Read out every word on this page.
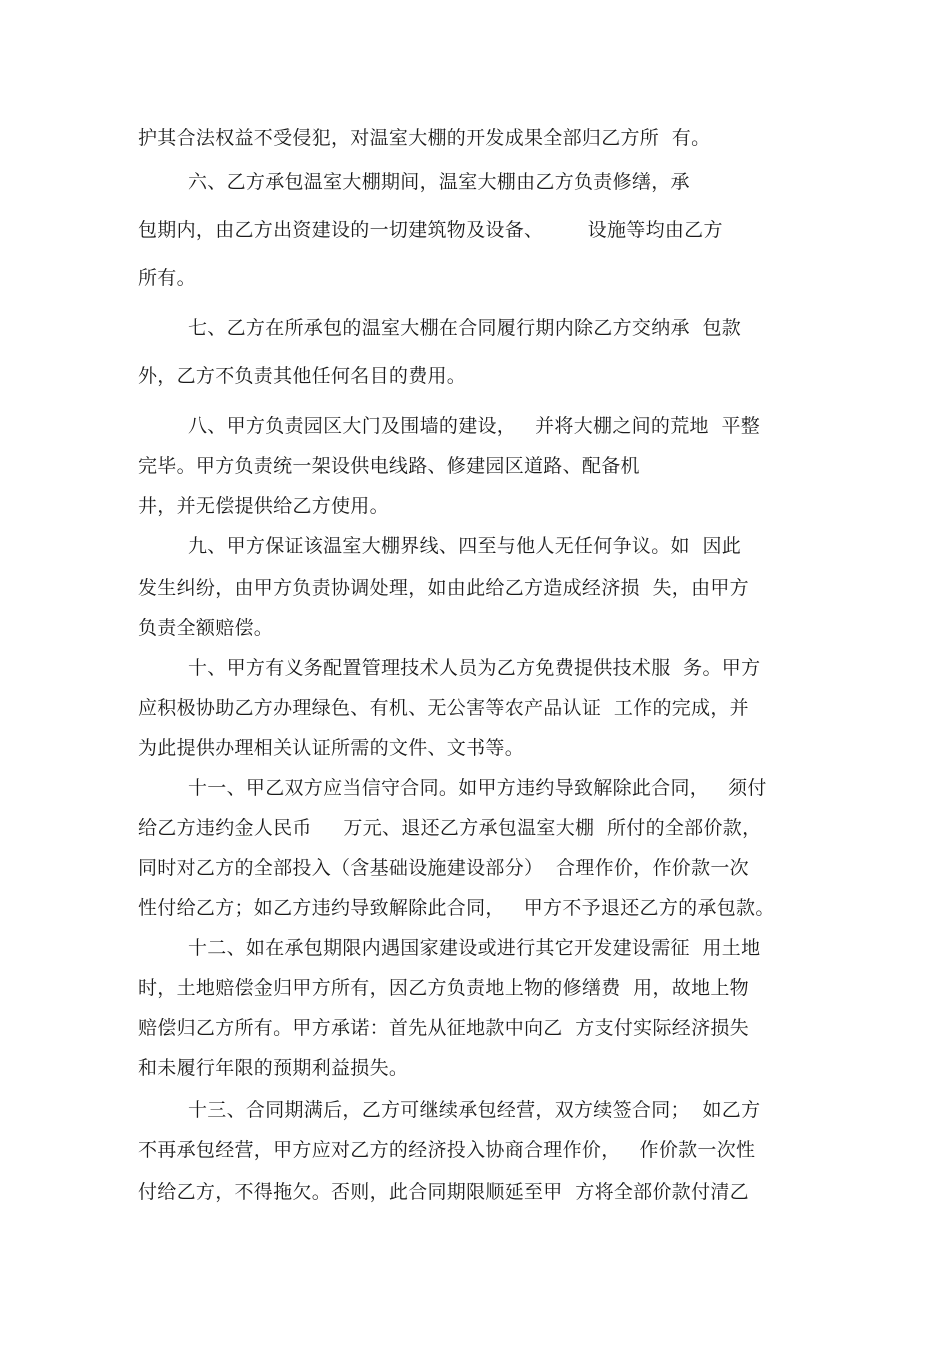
护其合法权益不受侵犯，对温室大棚的开发成果全部归乙方所  有。
六、乙方承包温室大棚期间，温室大棚由乙方负责修缮，承
包期内，由乙方出资建设的一切建筑物及设备、       设施等均由乙方
所有。
七、乙方在所承包的温室大棚在合同履行期内除乙方交纳承  包款
外，乙方不负责其他任何名目的费用。
八、甲方负责园区大门及围墙的建设，   并将大棚之间的荒地  平整
完毕。甲方负责统一架设供电线路、修建园区道路、配备机
井，并无偿提供给乙方使用。
九、甲方保证该温室大棚界线、四至与他人无任何争议。如  因此
发生纠纷，由甲方负责协调处理，如由此给乙方造成经济损  失，由甲方
负责全额赔偿。
十、甲方有义务配置管理技术人员为乙方免费提供技术服  务。甲方
应积极协助乙方办理绿色、有机、无公害等农产品认证  工作的完成，并
为此提供办理相关认证所需的文件、文书等。
十一、甲乙双方应当信守合同。如甲方违约导致解除此合同，   须付
给乙方违约金人民币     万元、退还乙方承包温室大棚  所付的全部价款，
同时对乙方的全部投入（含基础设施建设部分）  合理作价，作价款一次
性付给乙方；如乙方违约导致解除此合同，   甲方不予退还乙方的承包款。
十二、如在承包期限内遇国家建设或进行其它开发建设需征  用土地
时，土地赔偿金归甲方所有，因乙方负责地上物的修缮费  用，故地上物
赔偿归乙方所有。甲方承诺：首先从征地款中向乙  方支付实际经济损失
和未履行年限的预期利益损失。
十三、合同期满后，乙方可继续承包经营，双方续签合同；  如乙方
不再承包经营，甲方应对乙方的经济投入协商合理作价，   作价款一次性
付给乙方，不得拖欠。否则，此合同期限顺延至甲  方将全部价款付清乙
